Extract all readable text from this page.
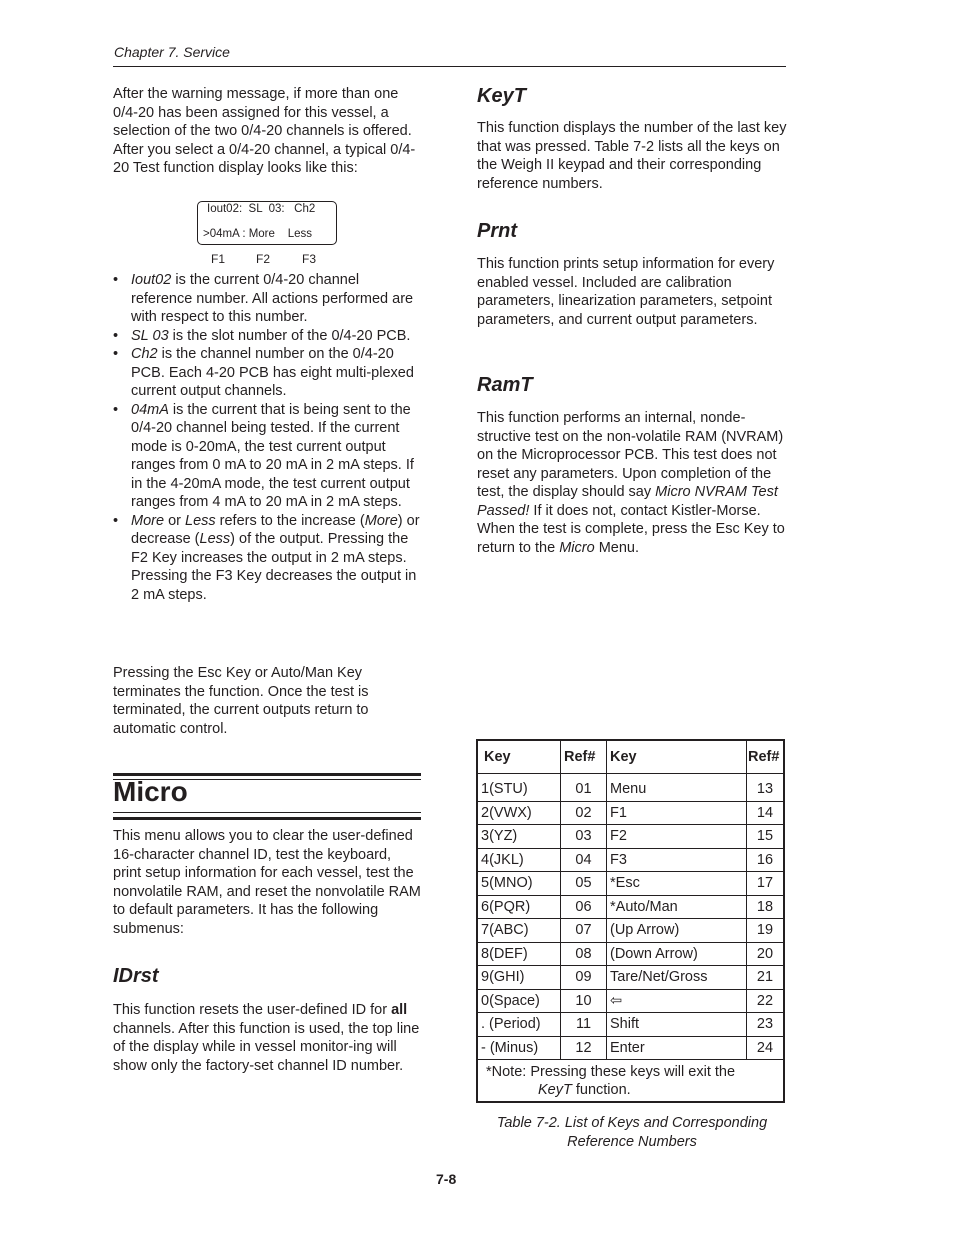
Chapter 7. Service
After the warning message, if more than one 0/4-20 has been assigned for this vessel, a selection of the two 0/4-20 channels is offered. After you select a 0/4-20 channel, a typical 0/4-20 Test function display looks like this:
Iout02:  SL  03:   Ch2
>04mA : More    Less
F1	F2	F3
• Iout02 is the current 0/4-20 channel reference number. All actions performed are with respect to this number.
• SL 03 is the slot number of the 0/4-20 PCB.
• Ch2 is the channel number on the 0/4-20 PCB. Each 4-20 PCB has eight multi-plexed current output channels.
• 04mA is the current that is being sent to the 0/4-20 channel being tested. If the current mode is 0-20mA, the test current output ranges from 0 mA to 20 mA in 2 mA steps. If in the 4-20mA mode, the test current output ranges from 4 mA to 20 mA in 2 mA steps.
• More or Less refers to the increase (More) or decrease (Less) of the output. Pressing the F2 Key increases the output in 2 mA steps. Pressing the F3 Key decreases the output in 2 mA steps.
Pressing the Esc Key or Auto/Man Key terminates the function. Once the test is terminated, the current outputs return to automatic control.
Micro
This menu allows you to clear the user-defined 16-character channel ID, test the keyboard, print setup information for each vessel, test the nonvolatile RAM, and reset the nonvolatile RAM to default parameters. It has the following submenus:
IDrst
This function resets the user-defined ID for all channels. After this function is used, the top line of the display while in vessel monitor-ing will show only the factory-set channel ID number.
KeyT
This function displays the number of the last key that was pressed. Table 7-2 lists all the keys on the Weigh II keypad and their corresponding reference numbers.
Prnt
This function prints setup information for every enabled vessel. Included are calibration parameters, linearization parameters, setpoint parameters, and current output parameters.
RamT
This function performs an internal, nonde-structive test on the non-volatile RAM (NVRAM) on the Microprocessor PCB. This test does not reset any parameters. Upon completion of the test, the display should say Micro NVRAM Test Passed! If it does not, contact Kistler-Morse. When the test is complete, press the Esc Key to return to the Micro Menu.
Key	Ref#	Key	Ref#
1(STU)	01	Menu	13
2(VWX)	02	F1	14
3(YZ)	03	F2	15
4(JKL)	04	F3	16
5(MNO)	05	*Esc	17
6(PQR)	06	*Auto/Man	18
7(ABC)	07	(Up Arrow)	19
8(DEF)	08	(Down Arrow)	20
9(GHI)	09	Tare/Net/Gross	21
0(Space)	10	⇦	22
. (Period)	11	Shift	23
- (Minus)	12	Enter	24

*Note: Pressing these keys will exit the
KeyT function.			
Table 7-2. List of Keys and Corresponding
Reference Numbers
7-8
